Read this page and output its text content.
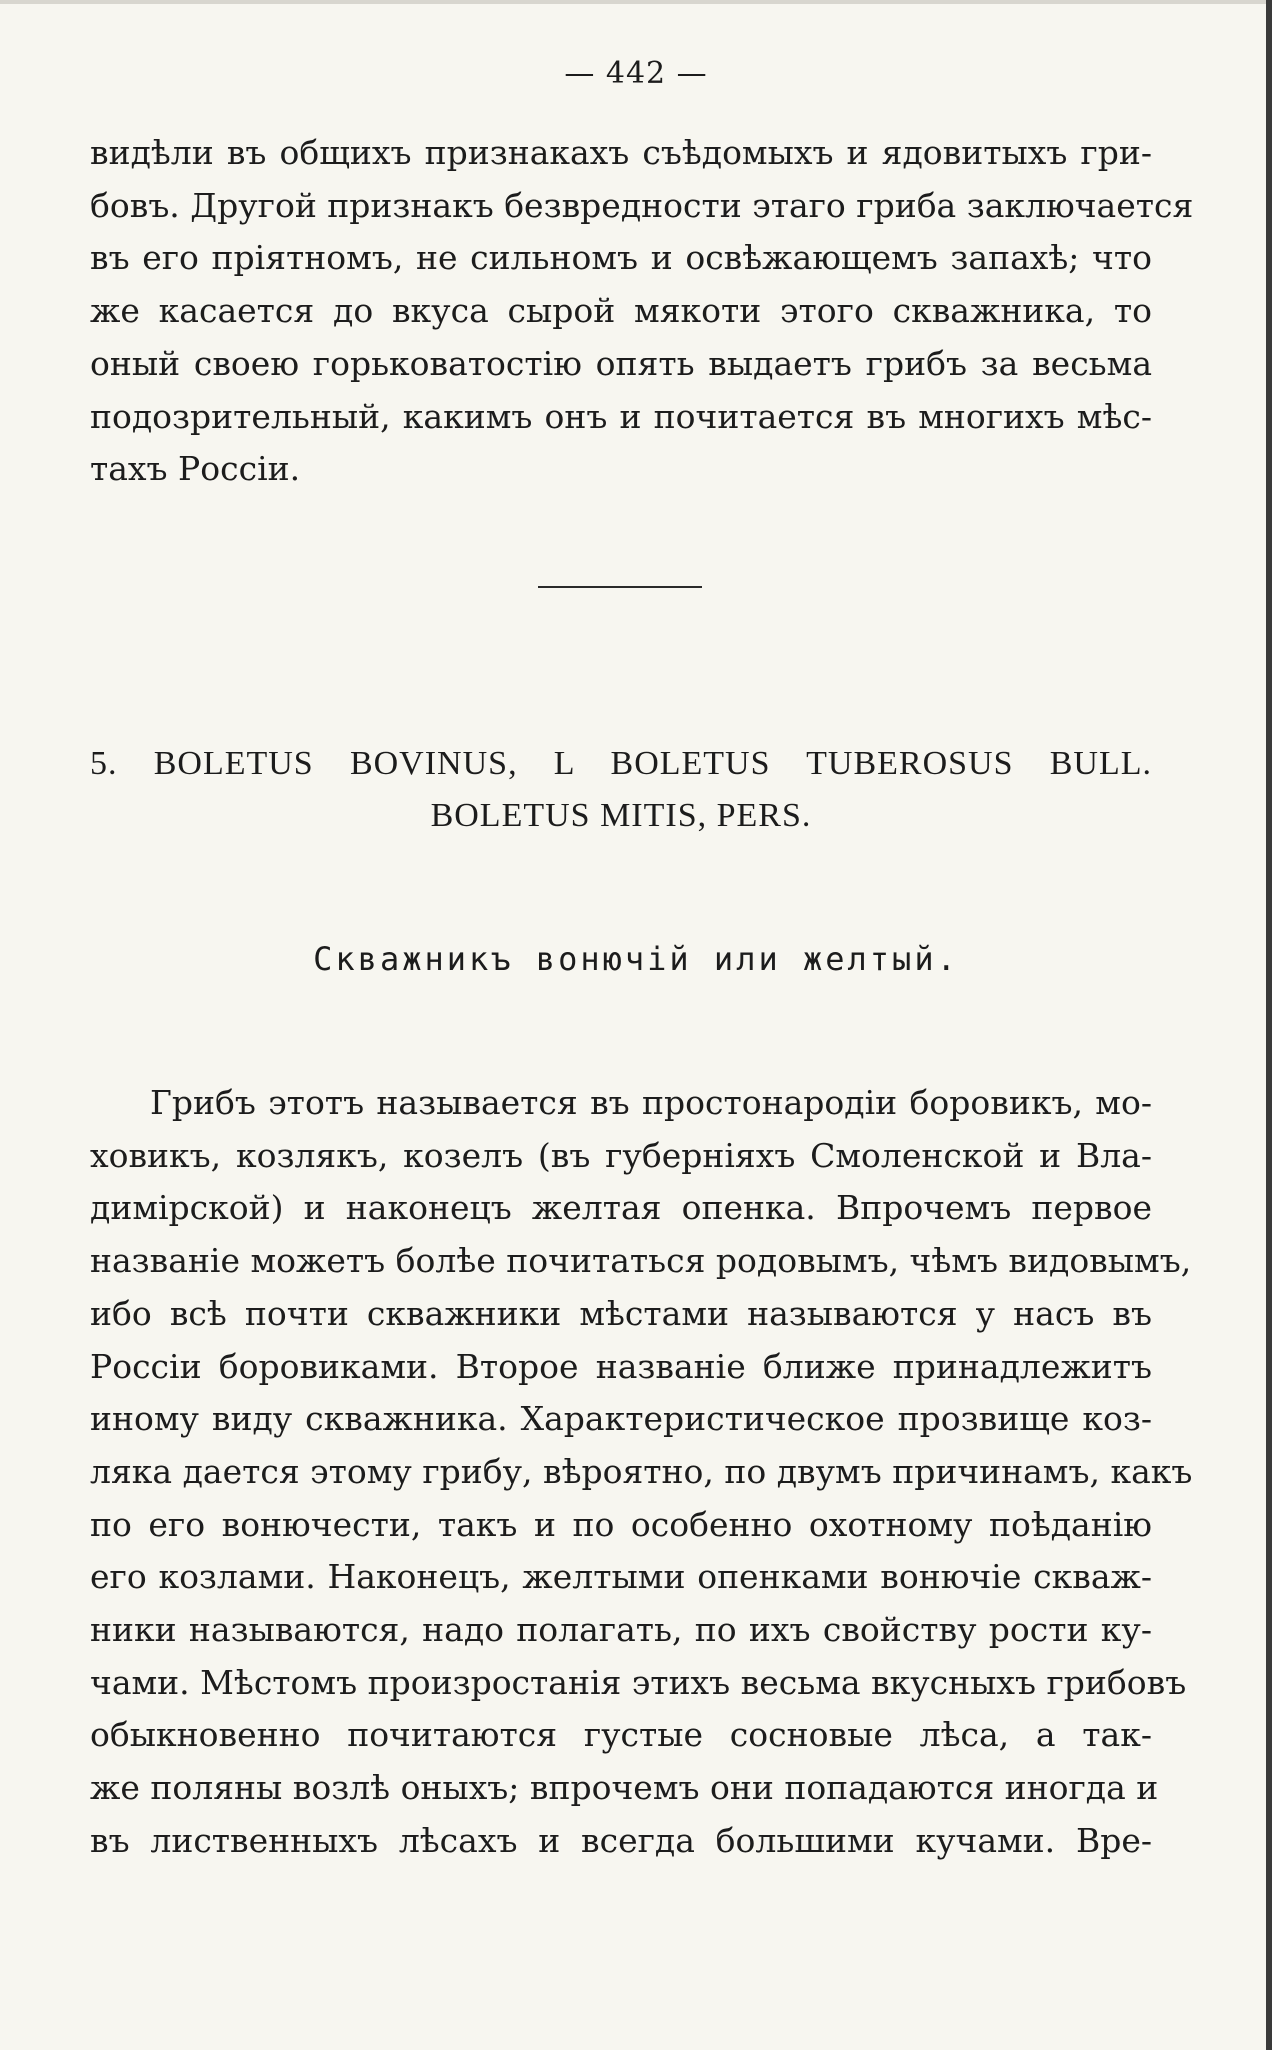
— 442 —
видѣли въ общихъ признакахъ съѣдомыхъ и ядовитыхъ гри-
бовъ. Другой признакъ безвредности этаго гриба заключается
въ его пріятномъ, не сильномъ и освѣжающемъ запахѣ; что
же касается до вкуса сырой мякоти этого скважника, то
оный своею горьковатостію опять выдаетъ грибъ за весьма
подозрительный, какимъ онъ и почитается въ многихъ мѣс-
тахъ Россіи.
5. BOLETUS BOVINUS, L BOLETUS TUBEROSUS BULL.
BOLETUS MITIS, PERS.
Скважникъ вонючій или желтый.
Грибъ этотъ называется въ простонародіи боровикъ, мо-
ховикъ, козлякъ, козелъ (въ губерніяхъ Смоленской и Вла-
димірской) и наконецъ желтая опенка. Впрочемъ первое
названіе можетъ болѣе почитаться родовымъ, чѣмъ видовымъ,
ибо всѣ почти скважники мѣстами называются у насъ въ
Россіи боровиками. Второе названіе ближе принадлежитъ
иному виду скважника. Характеристическое прозвище коз-
ляка дается этому грибу, вѣроятно, по двумъ причинамъ, какъ
по его вонючести, такъ и по особенно охотному поѣданію
его козлами. Наконецъ, желтыми опенками вонючіе сквaж-
ники называются, надо полагать, по ихъ свойству рости ку-
чами. Мѣстомъ произростанія этихъ весьма вкусныхъ грибовъ
обыкновенно почитаются густые сосновые лѣса, а так-
же поляны возлѣ оныхъ; впрочемъ они попадаются иногда и
въ лиственныхъ лѣсахъ и всегда большими кучами. Вре-
